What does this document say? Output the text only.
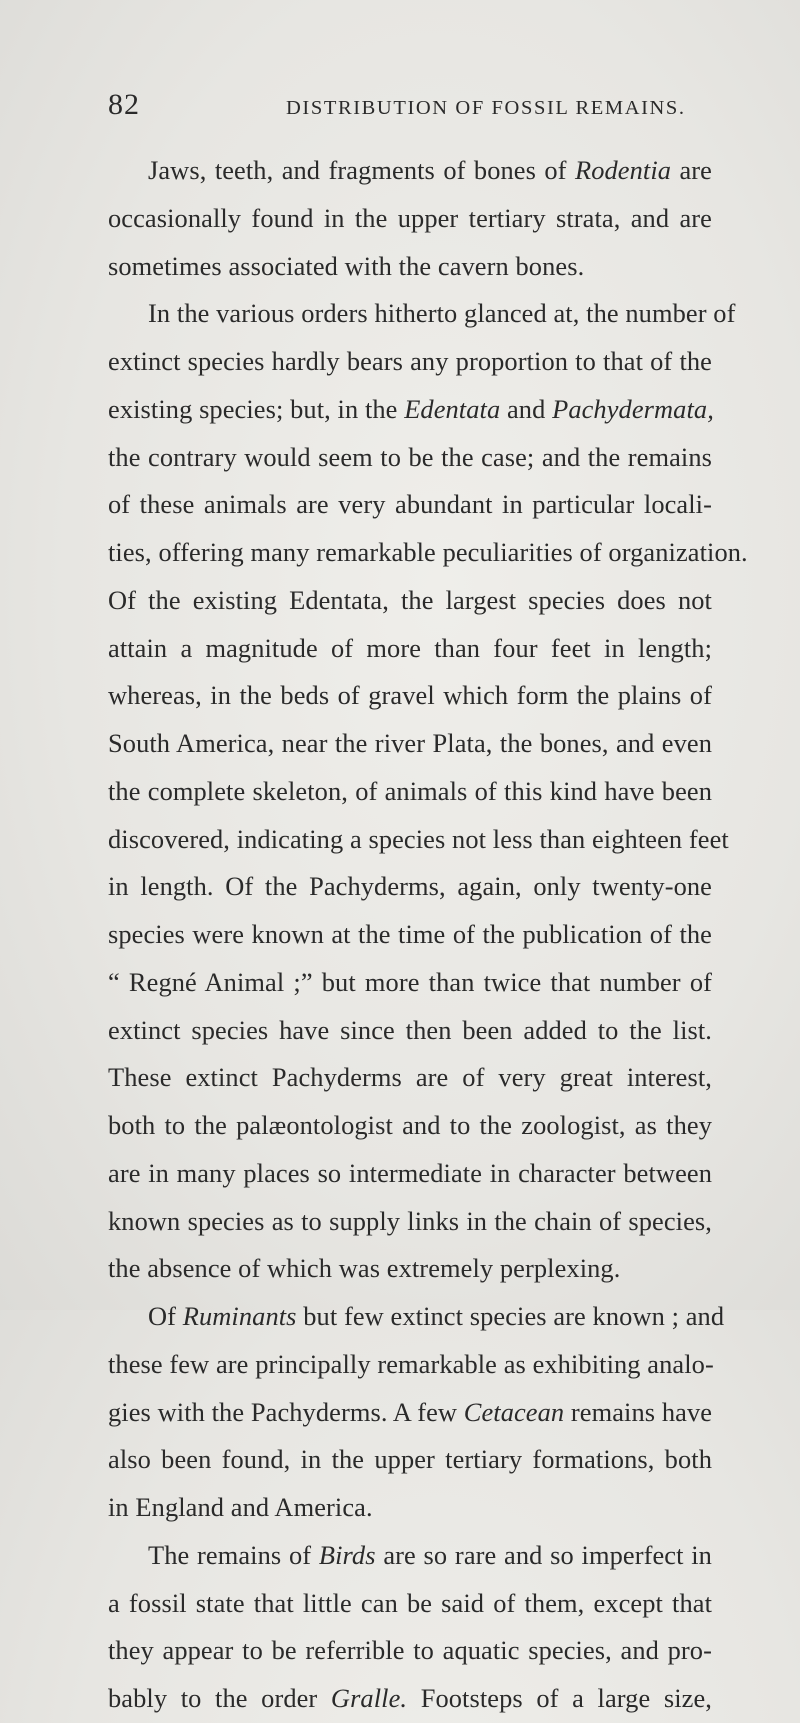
82	DISTRIBUTION OF FOSSIL REMAINS.
Jaws, teeth, and fragments of bones of Rodentia are
occasionally found in the upper tertiary strata, and are
sometimes associated with the cavern bones.
In the various orders hitherto glanced at, the number of
extinct species hardly bears any proportion to that of the
existing species; but, in the Edentata and Pachydermata,
the contrary would seem to be the case; and the remains
of these animals are very abundant in particular locali-
ties, offering many remarkable peculiarities of organization.
Of the existing Edentata, the largest species does not
attain a magnitude of more than four feet in length;
whereas, in the beds of gravel which form the plains of
South America, near the river Plata, the bones, and even
the complete skeleton, of animals of this kind have been
discovered, indicating a species not less than eighteen feet
in length. Of the Pachyderms, again, only twenty-one
species were known at the time of the publication of the
“ Regné Animal ;” but more than twice that number of
extinct species have since then been added to the list.
These extinct Pachyderms are of very great interest,
both to the palæontologist and to the zoologist, as they
are in many places so intermediate in character between
known species as to supply links in the chain of species,
the absence of which was extremely perplexing.
Of Ruminants but few extinct species are known ; and
these few are principally remarkable as exhibiting analo-
gies with the Pachyderms. A few Cetacean remains have
also been found, in the upper tertiary formations, both
in England and America.
The remains of Birds are so rare and so imperfect in
a fossil state that little can be said of them, except that
they appear to be referrible to aquatic species, and pro-
bably to the order Gralle. Footsteps of a large size,
